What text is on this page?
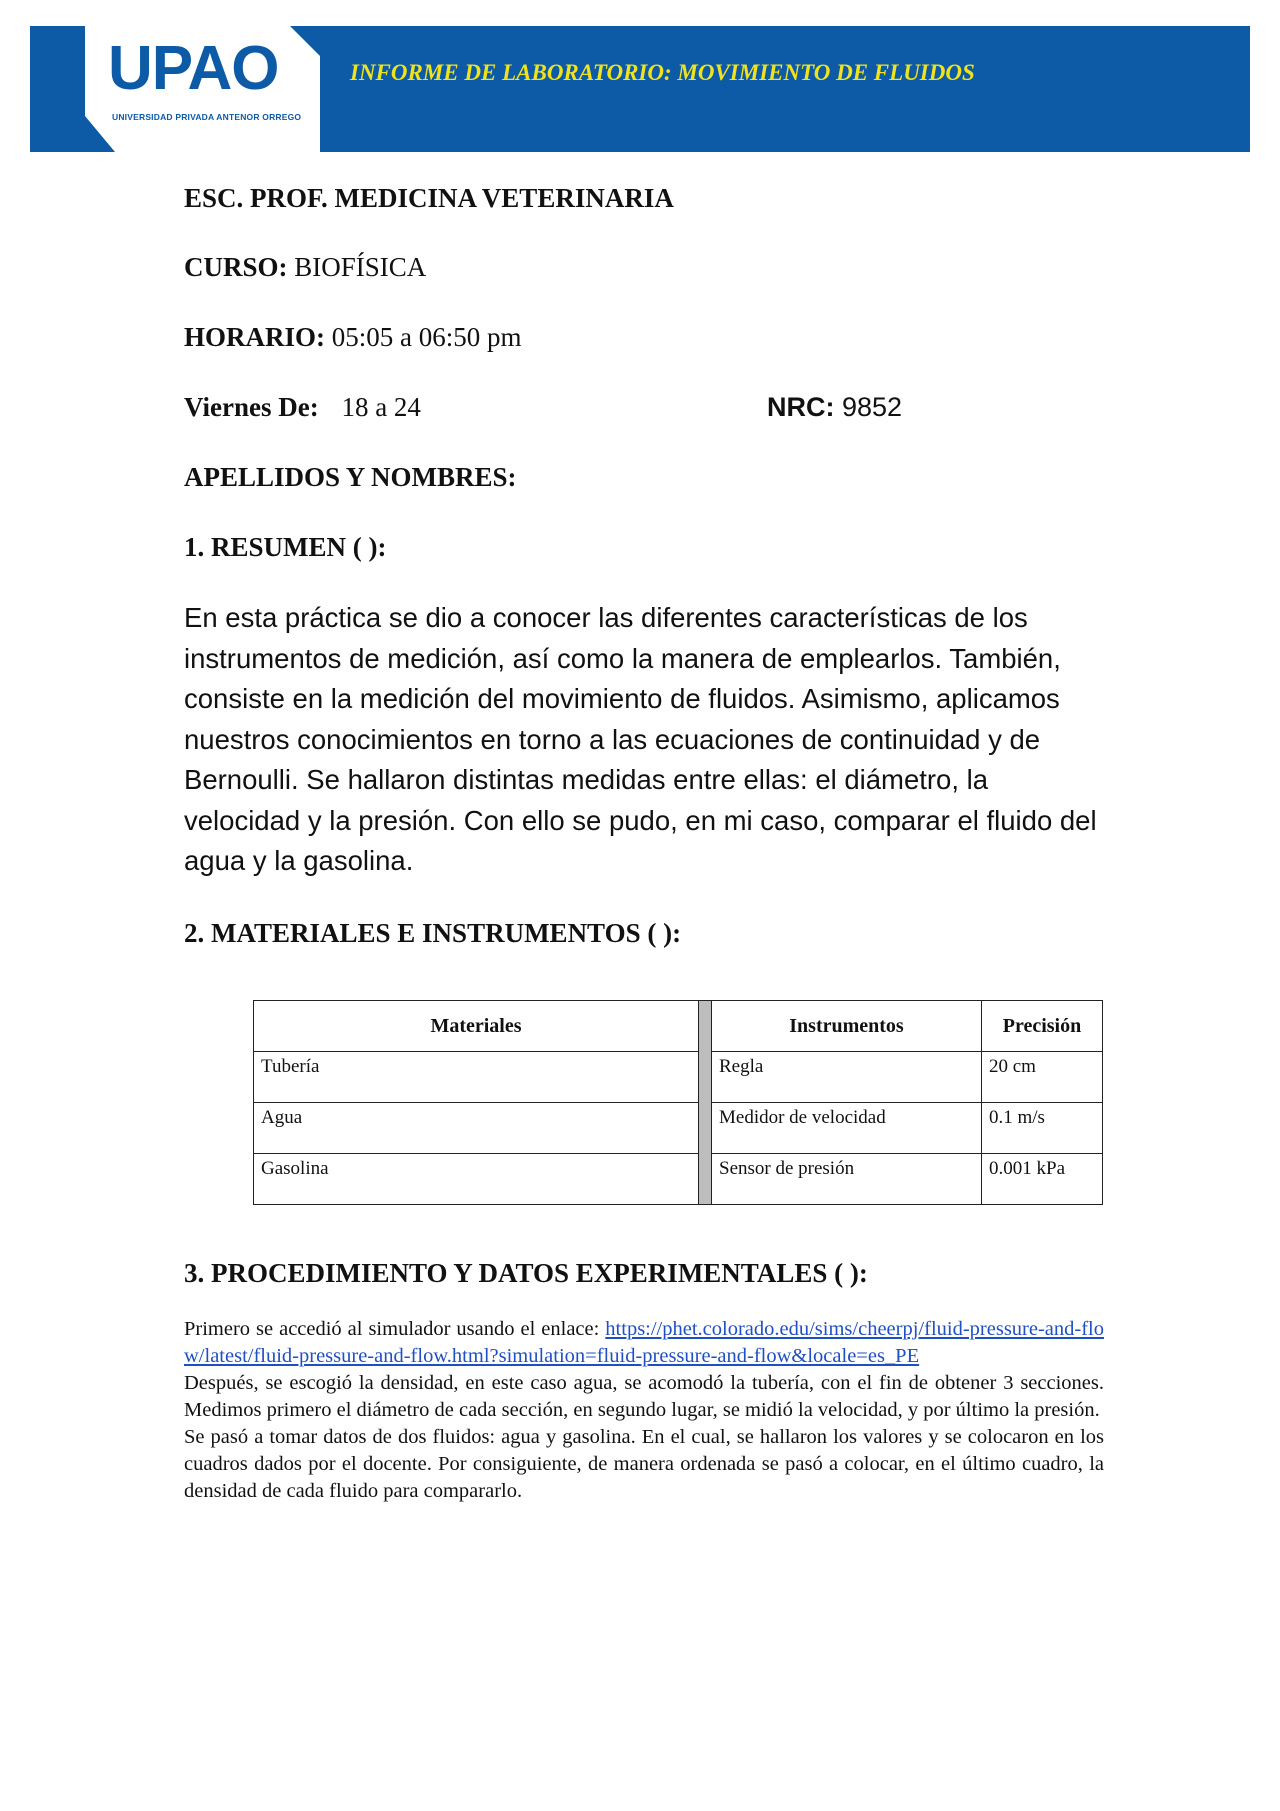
UPAO
UNIVERSIDAD PRIVADA ANTENOR ORREGO
INFORME DE LABORATORIO: MOVIMIENTO DE FLUIDOS
ESC. PROF. MEDICINA VETERINARIA
CURSO: BIOFÍSICA
HORARIO: 05:05 a 06:50 pm
Viernes De: 18 a 24	NRC: 9852
APELLIDOS Y NOMBRES:
1. RESUMEN ( ):
En esta práctica se dio a conocer las diferentes características de los instrumentos de medición, así como la manera de emplearlos. También, consiste en la medición del movimiento de fluidos. Asimismo, aplicamos nuestros conocimientos en torno a las ecuaciones de continuidad y de Bernoulli. Se hallaron distintas medidas entre ellas: el diámetro, la velocidad y la presión. Con ello se pudo, en mi caso, comparar el fluido del agua y la gasolina.
2. MATERIALES E INSTRUMENTOS ( ):
Materiales		Instrumentos	Precisión
Tubería		Regla	20 cm
Agua		Medidor de velocidad	0.1 m/s
Gasolina		Sensor de presión	0.001 kPa
3. PROCEDIMIENTO Y DATOS EXPERIMENTALES ( ):

Primero se accedió al simulador usando el enlace: https://phet.colorado.edu/sims/cheerpj/fluid-pressure-and-flow/latest/fluid-pressure-and-flow.html?simulation=fluid-pressure-and-flow&locale=es_PE

Después, se escogió la densidad, en este caso agua, se acomodó la tubería, con el fin de obtener 3 secciones. Medimos primero el diámetro de cada sección, en segundo lugar, se midió la velocidad, y por último la presión.

Se pasó a tomar datos de dos fluidos: agua y gasolina. En el cual, se hallaron los valores y se colocaron en los cuadros dados por el docente. Por consiguiente, de manera ordenada se pasó a colocar, en el último cuadro, la densidad de cada fluido para compararlo.
